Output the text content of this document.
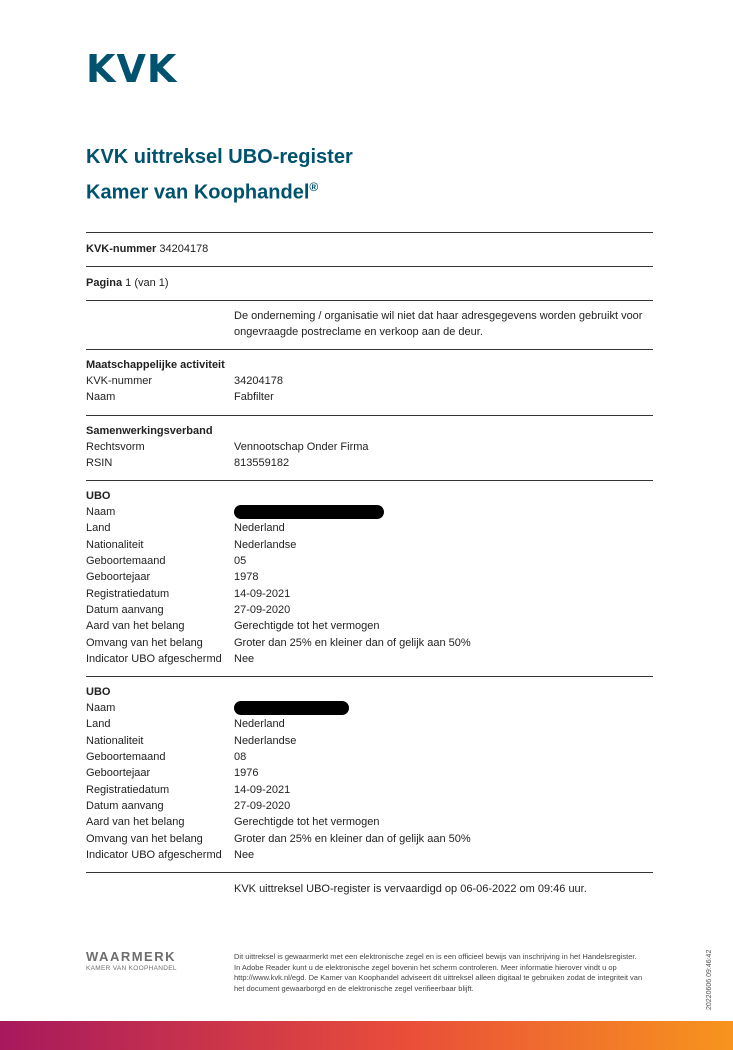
KVK
KVK uittreksel UBO-register
Kamer van Koophandel®
KVK-nummer 34204178
Pagina 1 (van 1)
De onderneming / organisatie wil niet dat haar adresgegevens worden gebruikt voor ongevraagde postreclame en verkoop aan de deur.
Maatschappelijke activiteit
KVK-nummer	34204178
Naam	Fabfilter
Samenwerkingsverband
Rechtsvorm	Vennootschap Onder Firma
RSIN	813559182
UBO
Naam
Land	Nederland
Nationaliteit	Nederlandse
Geboortemaand	05
Geboortejaar	1978
Registratiedatum	14-09-2021
Datum aanvang	27-09-2020
Aard van het belang	Gerechtigde tot het vermogen
Omvang van het belang	Groter dan 25% en kleiner dan of gelijk aan 50%
Indicator UBO afgeschermd	Nee
UBO
Naam
Land	Nederland
Nationaliteit	Nederlandse
Geboortemaand	08
Geboortejaar	1976
Registratiedatum	14-09-2021
Datum aanvang	27-09-2020
Aard van het belang	Gerechtigde tot het vermogen
Omvang van het belang	Groter dan 25% en kleiner dan of gelijk aan 50%
Indicator UBO afgeschermd	Nee
KVK uittreksel UBO-register is vervaardigd op 06-06-2022 om 09:46 uur.
WAARMERK
KAMER VAN KOOPHANDEL
Dit uittreksel is gewaarmerkt met een elektronische zegel en is een officieel bewijs van inschrijving in het Handelsregister. In Adobe Reader kunt u de elektronische zegel bovenin het scherm controleren. Meer informatie hierover vindt u op http://www.kvk.nl/egd. De Kamer van Koophandel adviseert dit uittreksel alleen digitaal te gebruiken zodat de integriteit van het document gewaarborgd en de elektronische zegel verifieerbaar blijft.	20220606 09:46:42
